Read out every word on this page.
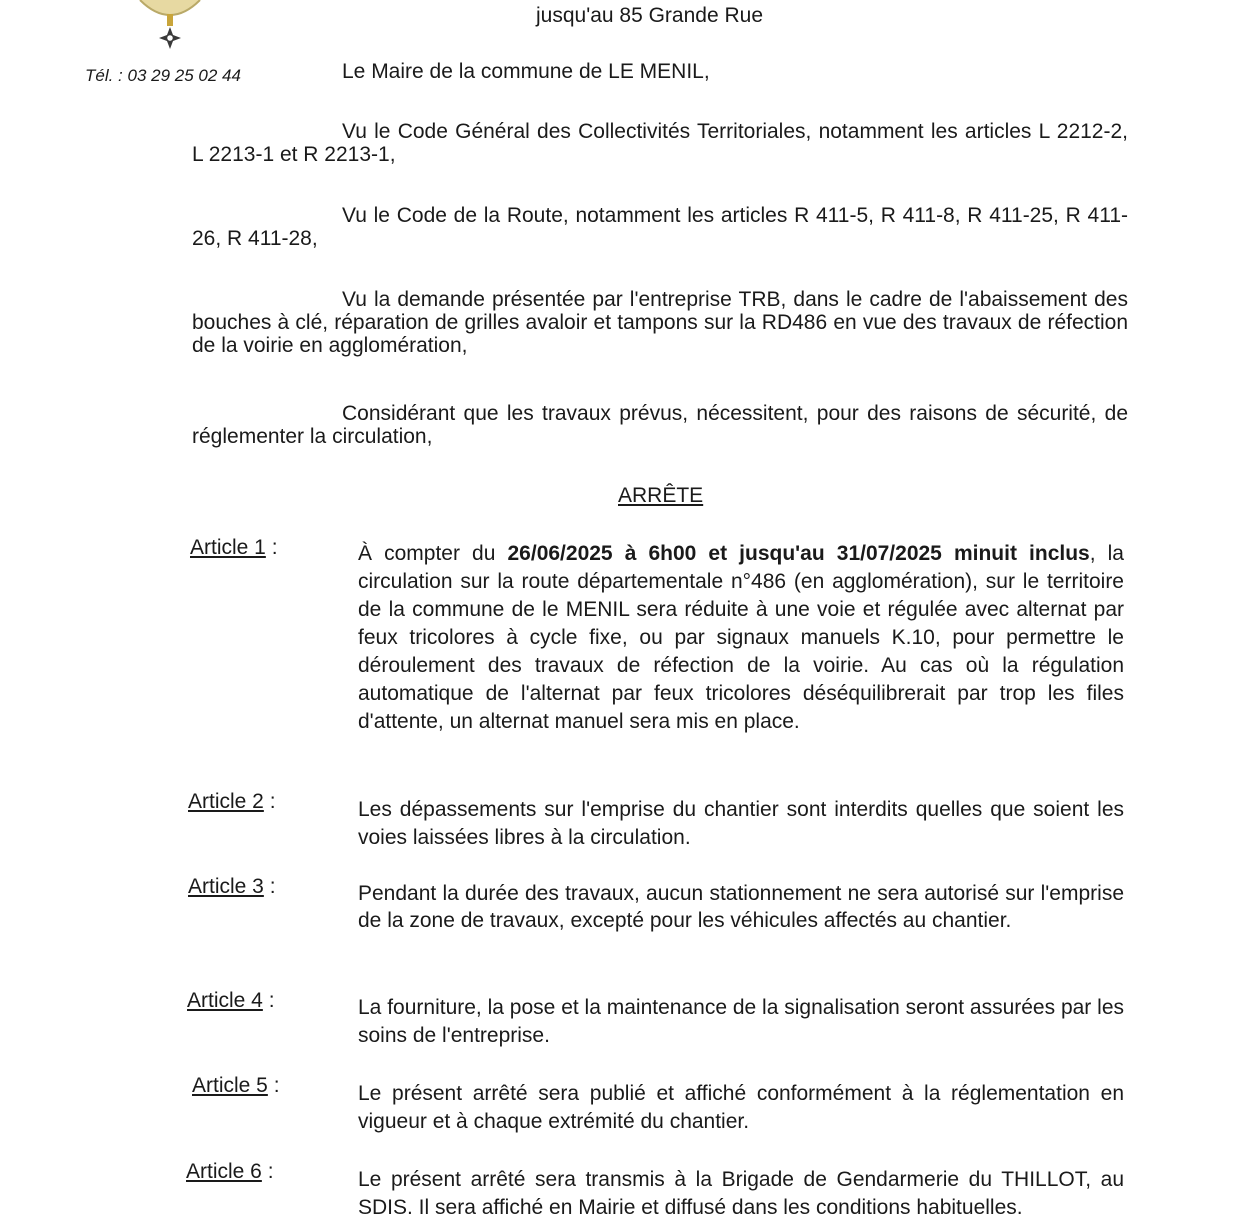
jusqu'au 85 Grande Rue
Tél. : 03 29 25 02 44	Le Maire de la commune de LE MENIL,
Vu le Code Général des Collectivités Territoriales, notamment les articles L 2212-2, L 2213-1 et R 2213-1,
Vu le Code de la Route, notamment les articles R 411-5, R 411-8, R 411-25, R 411-26, R 411-28,
Vu la demande présentée par l'entreprise TRB, dans le cadre de l'abaissement des bouches à clé, réparation de grilles avaloir et tampons sur la RD486 en vue des travaux de réfection de la voirie en agglomération,
Considérant que les travaux prévus, nécessitent, pour des raisons de sécurité, de réglementer la circulation,
ARRÊTE
Article 1 :	À compter du 26/06/2025 à 6h00 et jusqu'au 31/07/2025 minuit inclus, la circulation sur la route départementale n°486 (en agglomération), sur le territoire de la commune de le MENIL sera réduite à une voie et régulée avec alternat par feux tricolores à cycle fixe, ou par signaux manuels K.10, pour permettre le déroulement des travaux de réfection de la voirie. Au cas où la régulation automatique de l'alternat par feux tricolores déséquilibrerait par trop les files d'attente, un alternat manuel sera mis en place.
Article 2 :	Les dépassements sur l'emprise du chantier sont interdits quelles que soient les voies laissées libres à la circulation.
Article 3 :	Pendant la durée des travaux, aucun stationnement ne sera autorisé sur l'emprise de la zone de travaux, excepté pour les véhicules affectés au chantier.
Article 4 :	La fourniture, la pose et la maintenance de la signalisation seront assurées par les soins de l'entreprise.
Article 5 :	Le présent arrêté sera publié et affiché conformément à la réglementation en vigueur et à chaque extrémité du chantier.
Article 6 :	Le présent arrêté sera transmis à la Brigade de Gendarmerie du THILLOT, au SDIS. Il sera affiché en Mairie et diffusé dans les conditions habituelles.
